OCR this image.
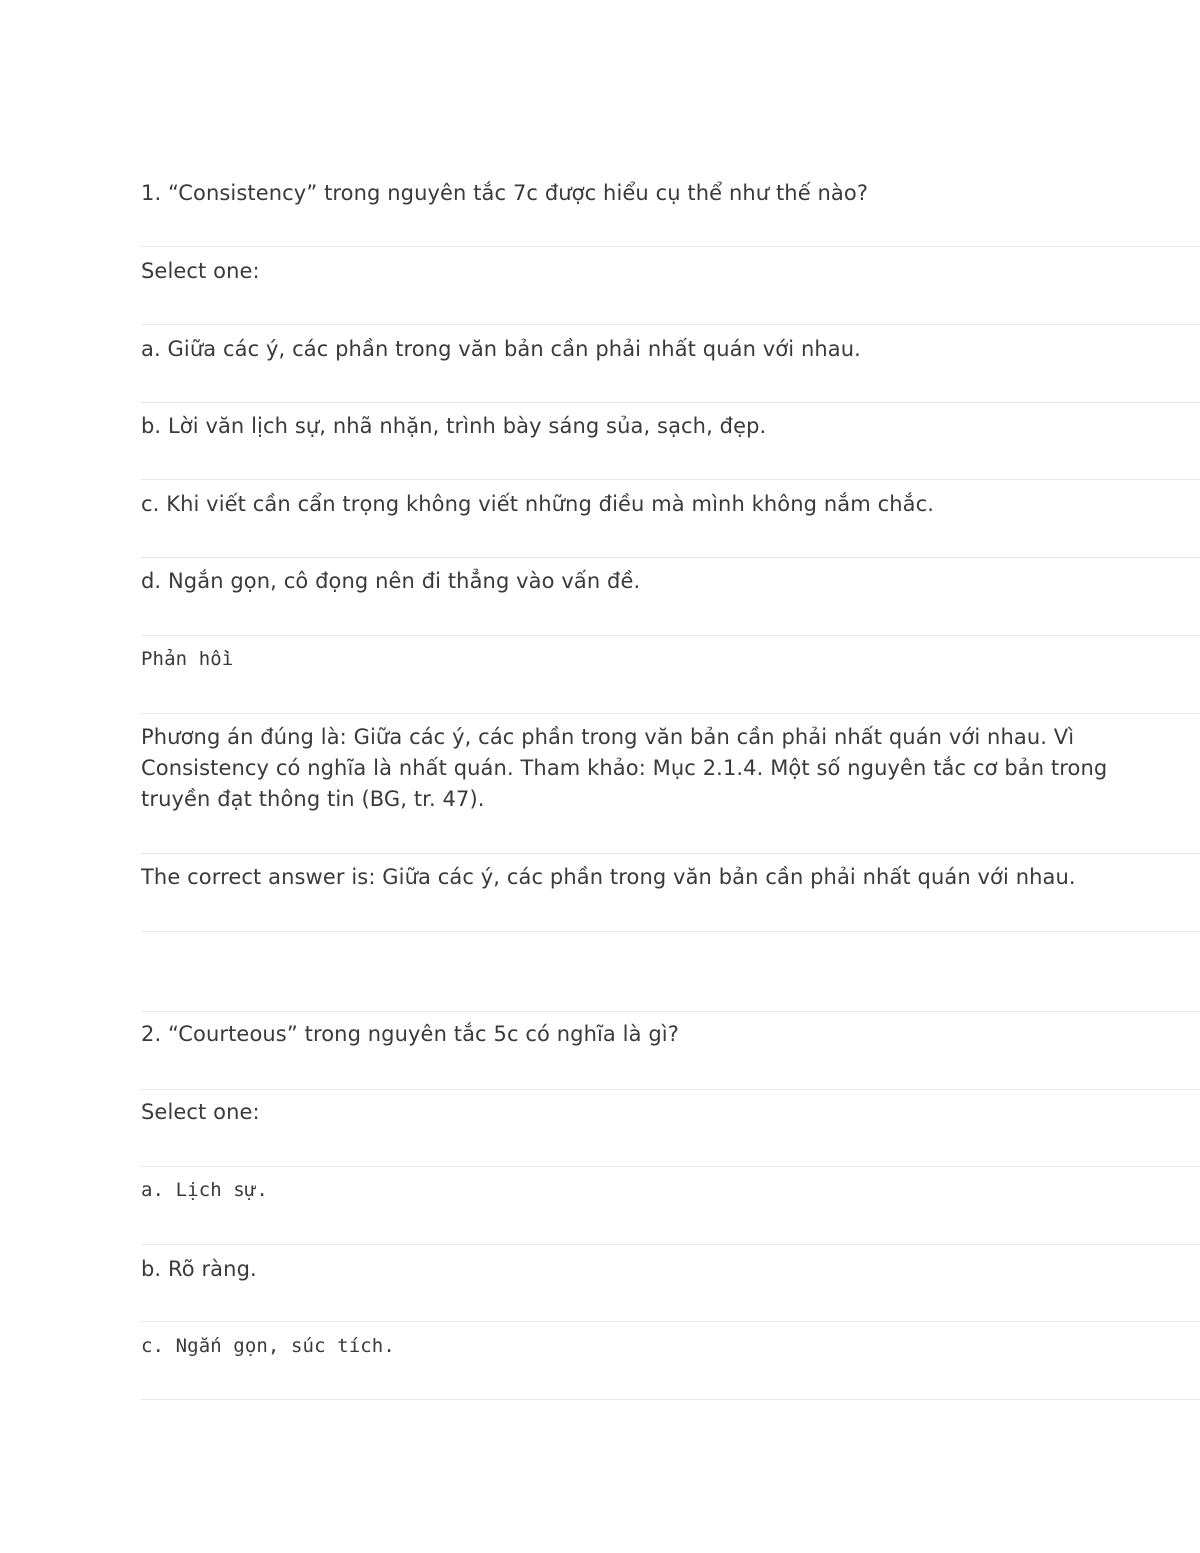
1. “Consistency” trong nguyên tắc 7c được hiểu cụ thể như thế nào?
Select one:
a. Giữa các ý, các phần trong văn bản cần phải nhất quán với nhau.
b. Lời văn lịch sự, nhã nhặn, trình bày sáng sủa, sạch, đẹp.
c. Khi viết cần cẩn trọng không viết những điều mà mình không nắm chắc.
d. Ngắn gọn, cô đọng nên đi thẳng vào vấn đề.
Phản hồi
Phương án đúng là: Giữa các ý, các phần trong văn bản cần phải nhất quán với nhau. Vì Consistency có nghĩa là nhất quán. Tham khảo: Mục 2.1.4. Một số nguyên tắc cơ bản trong truyền đạt thông tin (BG, tr. 47).
The correct answer is: Giữa các ý, các phần trong văn bản cần phải nhất quán với nhau.
2. “Courteous” trong nguyên tắc 5c có nghĩa là gì?
Select one:
a. Lịch sự.
b. Rõ ràng.
c. Ngắn gọn, súc tích.
